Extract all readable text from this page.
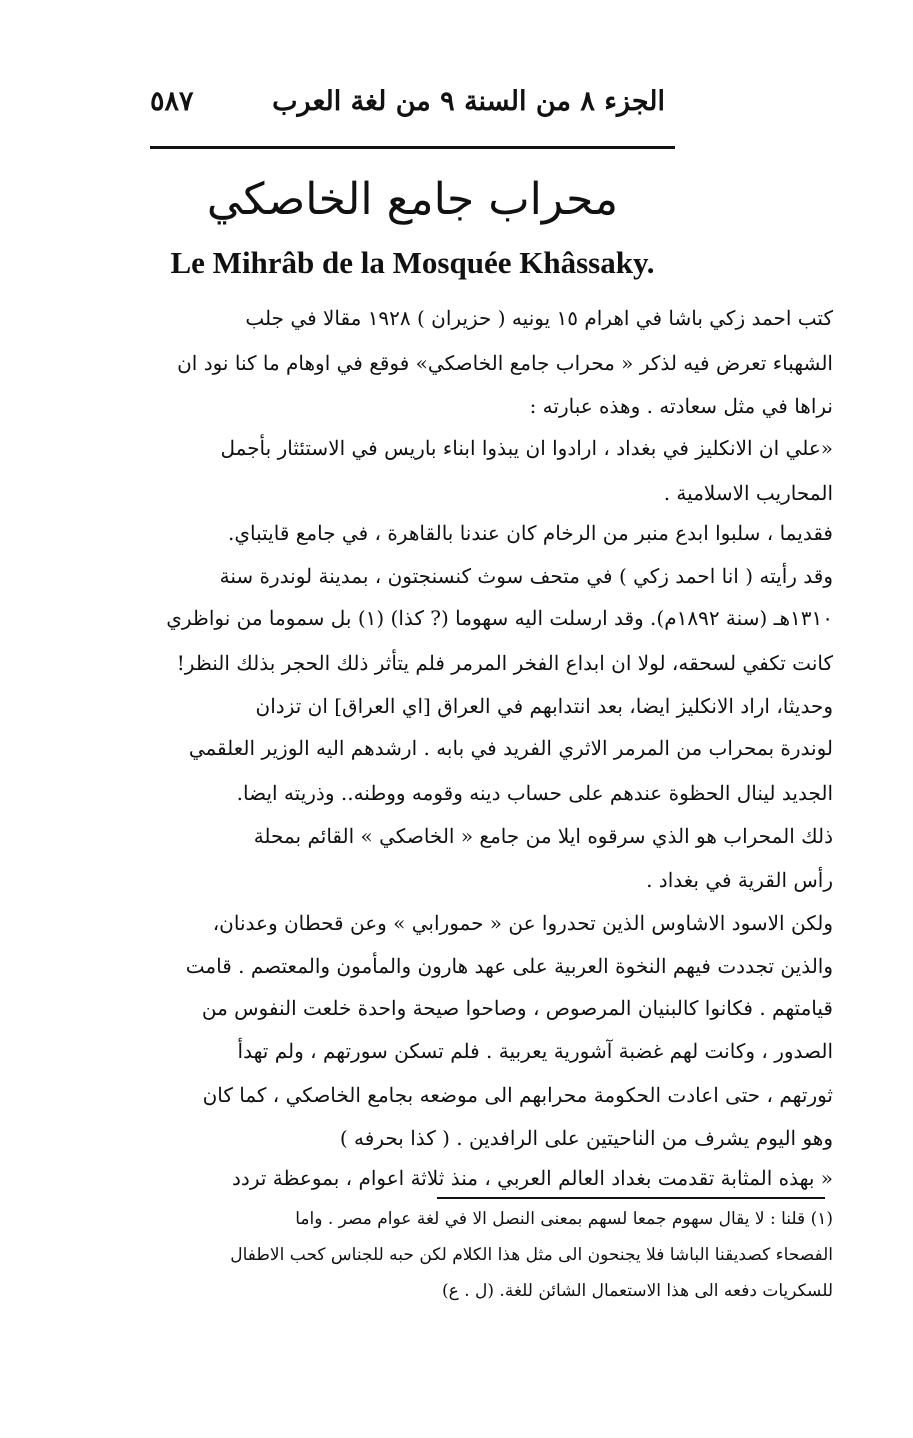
الجزء ٨ من السنة ٩ من لغة العرب
٥٨٧
محراب جامع الخاصكي
Le Mihrâb de la Mosquée Khâssaky.
كتب احمد زكي باشا في اهرام ١٥ يونيه ( حزيران ) ١٩٢٨ مقالا في جلب
الشهباء تعرض فيه لذكر « محراب جامع الخاصكي» فوقع في اوهام ما كنا نود ان
نراها في مثل سعادته . وهذه عبارته :
«علي ان الانكليز في بغداد ، ارادوا ان يبذوا ابناء باريس في الاستئثار بأجمل
المحاريب الاسلامية .
فقديما ، سلبوا ابدع منبر من الرخام كان عندنا بالقاهرة ، في جامع قايتباي.
وقد رأيته ( انا احمد زكي ) في متحف سوث كنسنجتون ، بمدينة لوندرة سنة
١٣١٠هـ (سنة ١٨٩٢م). وقد ارسلت اليه سهوما (? كذا) (١) بل سموما من نواظري
كانت تكفي لسحقه، لولا ان ابداع الفخر المرمر فلم يتأثر ذلك الحجر بذلك النظر!
وحديثا، اراد الانكليز ايضا، بعد انتدابهم في العراق [اي العراق] ان تزدان
لوندرة بمحراب من المرمر الاثري الفريد في بابه . ارشدهم اليه الوزير العلقمي
الجديد لينال الحظوة عندهم على حساب دينه وقومه ووطنه.. وذريته ايضا.
ذلك المحراب هو الذي سرقوه ايلا من جامع « الخاصكي » القائم بمحلة
رأس القرية في بغداد .
ولكن الاسود الاشاوس الذين تحدروا عن « حمورابي » وعن قحطان وعدنان،
والذين تجددت فيهم النخوة العربية على عهد هارون والمأمون والمعتصم . قامت
قيامتهم . فكانوا كالبنيان المرصوص ، وصاحوا صيحة واحدة خلعت النفوس من
الصدور ، وكانت لهم غضبة آشورية يعربية . فلم تسكن سورتهم ، ولم تهدأ
ثورتهم ، حتى اعادت الحكومة محرابهم الى موضعه بجامع الخاصكي ، كما كان
وهو اليوم يشرف من الناحيتين على الرافدين . ( كذا بحرفه )
« بهذه المثابة تقدمت بغداد العالم العربي ، منذ ثلاثة اعوام ، بموعظة تردد
(١) قلنا : لا يقال سهوم جمعا لسهم بمعنى النصل الا في لغة عوام مصر . واما
الفصحاء كصديقنا الباشا فلا يجنحون الى مثل هذا الكلام لكن حبه للجناس كحب الاطفال
للسكريات دفعه الى هذا الاستعمال الشائن للغة. (ل . ع)
